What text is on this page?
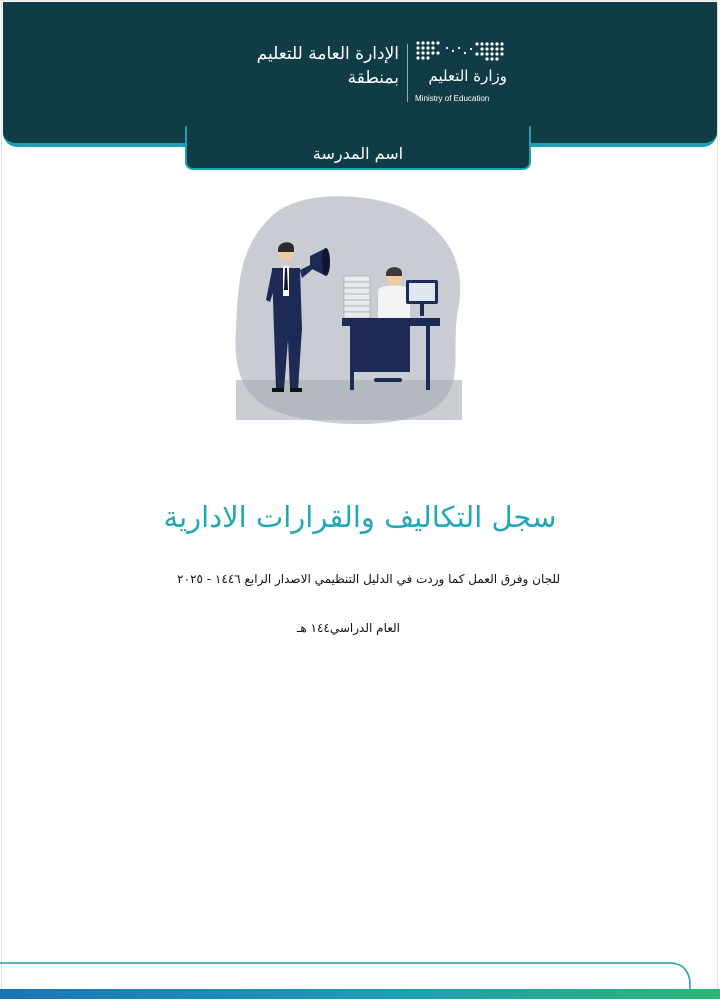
الإدارة العامة للتعليم
بمنطقة	وزارة التعليم
Ministry of Education
اسم المدرسة
سجل التكاليف والقرارات الادارية
للجان وفرق العمل كما وردت في الدليل التنظيمي الاصدار الرابع ١٤٤٦ - ٢٠٢٥
العام الدراسي١٤٤ هـ
